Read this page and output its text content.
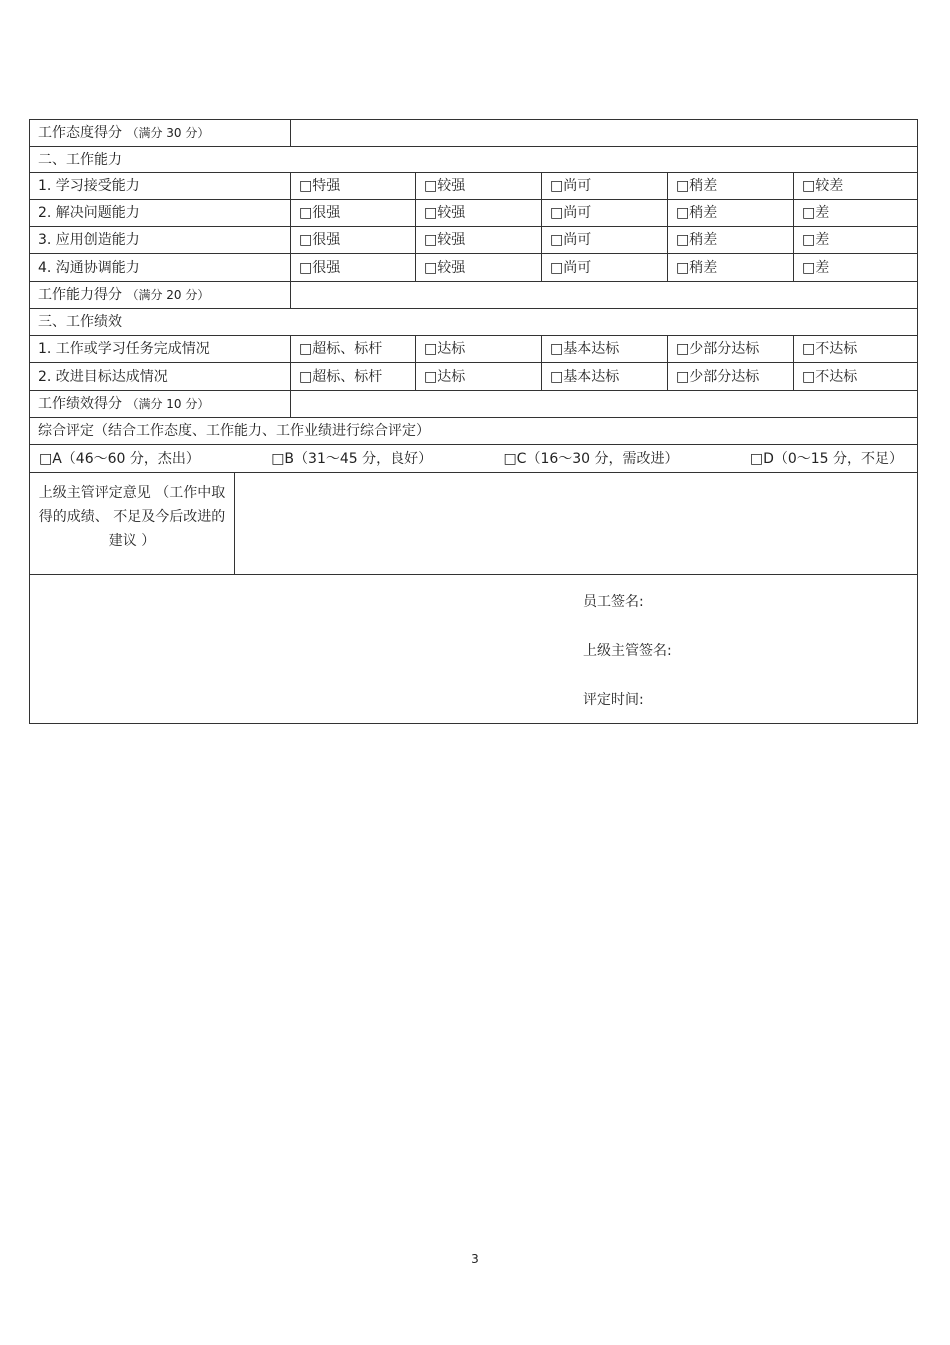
工作态度得分 （满分 30 分）						
二、工作能力						
1. 学习接受能力		□特强	□较强	□尚可	□稍差	□较差
2. 解决问题能力		□很强	□较强	□尚可	□稍差	□差
3. 应用创造能力		□很强	□较强	□尚可	□稍差	□差
4. 沟通协调能力		□很强	□较强	□尚可	□稍差	□差
工作能力得分 （满分 20 分）						
三、工作绩效						
1. 工作或学习任务完成情况		□超标、标杆	□达标	□基本达标	□少部分达标	□不达标
2. 改进目标达成情况		□超标、标杆	□达标	□基本达标	□少部分达标	□不达标
工作绩效得分 （满分 10 分）						
综合评定（结合工作态度、工作能力、工作业绩进行综合评定）						

□A（46～60 分，杰出） □B（31～45 分，良好） □C（16～30 分，需改进） □D（0～15 分，不足）						

上级主管评定意见 （工作中取得的成绩、 不足及今后改进的建议 ）						

员工签名:
上级主管签名:
评定时间:						
3
